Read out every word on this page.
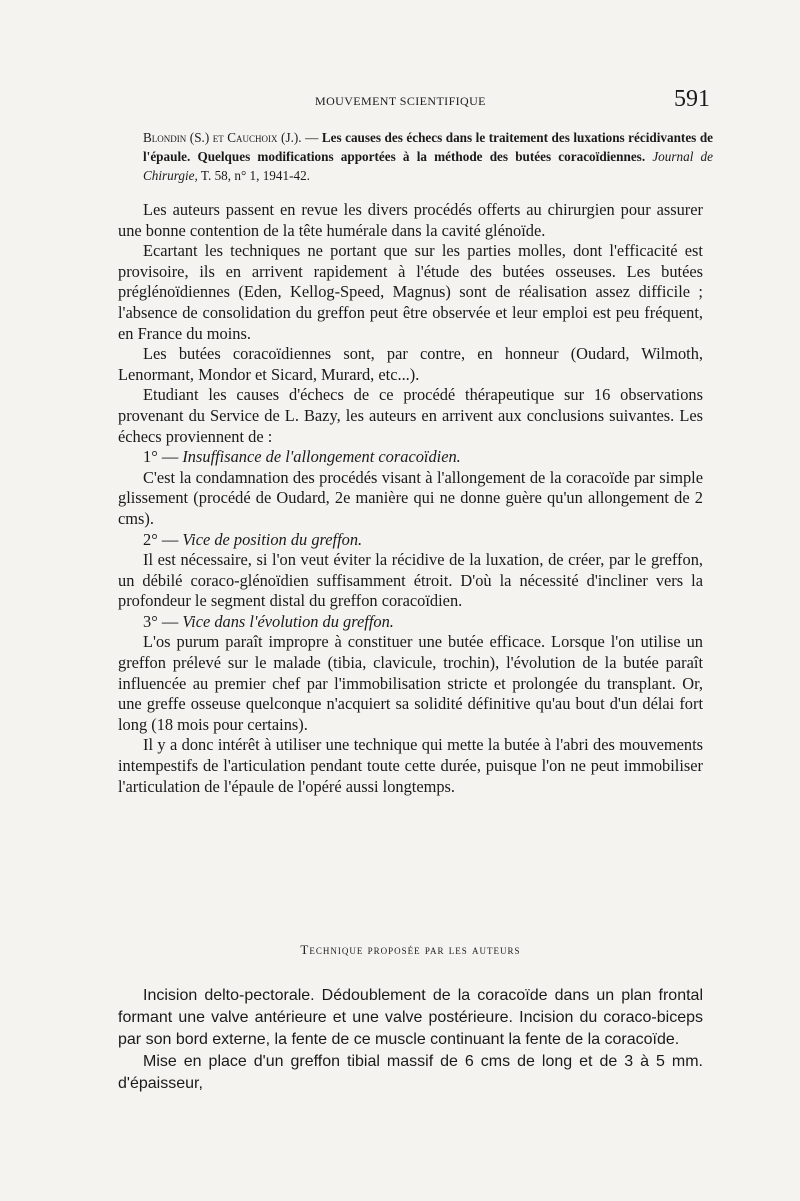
MOUVEMENT SCIENTIFIQUE	591
Blondin (S.) et Cauchoix (J.). — Les causes des échecs dans le traitement des luxations récidivantes de l'épaule. Quelques modifications apportées à la méthode des butées coracoïdiennes. Journal de Chirurgie, T. 58, n° 1, 1941-42.

Les auteurs passent en revue les divers procédés offerts au chirurgien pour assurer une bonne contention de la tête humérale dans la cavité glénoïde.

Ecartant les techniques ne portant que sur les parties molles, dont l'efficacité est provisoire, ils en arrivent rapidement à l'étude des butées osseuses. Les butées préglénoïdiennes (Eden, Kellog-Speed, Magnus) sont de réalisation assez difficile ; l'absence de consolidation du greffon peut être observée et leur emploi est peu fréquent, en France du moins.

Les butées coracoïdiennes sont, par contre, en honneur (Oudard, Wilmoth, Lenormant, Mondor et Sicard, Murard, etc...).

Etudiant les causes d'échecs de ce procédé thérapeutique sur 16 observations provenant du Service de L. Bazy, les auteurs en arrivent aux conclusions suivantes. Les échecs proviennent de :

1° — Insuffisance de l'allongement coracoïdien.

C'est la condamnation des procédés visant à l'allongement de la coracoïde par simple glissement (procédé de Oudard, 2e manière qui ne donne guère qu'un allongement de 2 cms).

2° — Vice de position du greffon.

Il est nécessaire, si l'on veut éviter la récidive de la luxation, de créer, par le greffon, un débilé coraco-glénoïdien suffisamment étroit. D'où la nécessité d'incliner vers la profondeur le segment distal du greffon coracoïdien.

3° — Vice dans l'évolution du greffon.

L'os purum paraît impropre à constituer une butée efficace. Lorsque l'on utilise un greffon prélevé sur le malade (tibia, clavicule, trochin), l'évolution de la butée paraît influencée au premier chef par l'immobilisation stricte et prolongée du transplant. Or, une greffe osseuse quelconque n'acquiert sa solidité définitive qu'au bout d'un délai fort long (18 mois pour certains).

Il y a donc intérêt à utiliser une technique qui mette la butée à l'abri des mouvements intempestifs de l'articulation pendant toute cette durée, puisque l'on ne peut immobiliser l'articulation de l'épaule de l'opéré aussi longtemps.

Technique proposée par les auteurs

Incision delto-pectorale. Dédoublement de la coracoïde dans un plan frontal formant une valve antérieure et une valve postérieure. Incision du coraco-biceps par son bord externe, la fente de ce muscle continuant la fente de la coracoïde.

Mise en place d'un greffon tibial massif de 6 cms de long et de 3 à 5 mm. d'épaisseur,
